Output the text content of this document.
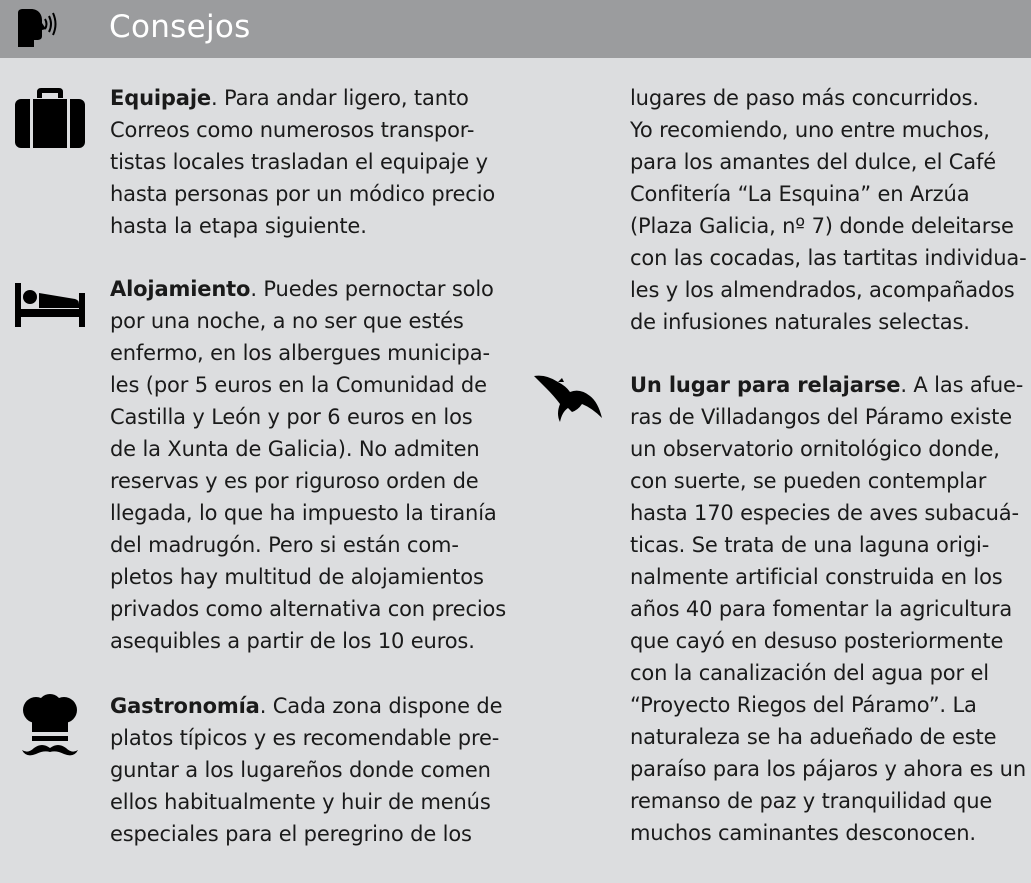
Consejos
Equipaje. Para andar ligero, tanto
Correos como numerosos transpor-
tistas locales trasladan el equipaje y
hasta personas por un módico precio
hasta la etapa siguiente.
Alojamiento. Puedes pernoctar solo
por una noche, a no ser que estés
enfermo, en los albergues municipa-
les (por 5 euros en la Comunidad de
Castilla y León y por 6 euros en los
de la Xunta de Galicia). No admiten
reservas y es por riguroso orden de
llegada, lo que ha impuesto la tiranía
del madrugón. Pero si están com-
pletos hay multitud de alojamientos
privados como alternativa con precios
asequibles a partir de los 10 euros.
Gastronomía. Cada zona dispone de
platos típicos y es recomendable pre-
guntar a los lugareños donde comen
ellos habitualmente y huir de menús
especiales para el peregrino de los
lugares de paso más concurridos.
Yo recomiendo, uno entre muchos,
para los amantes del dulce, el Café
Confitería “La Esquina” en Arzúa
(Plaza Galicia, nº 7) donde deleitarse
con las cocadas, las tartitas individua-
les y los almendrados, acompañados
de infusiones naturales selectas.
Un lugar para relajarse. A las afue-
ras de Villadangos del Páramo existe
un observatorio ornitológico donde,
con suerte, se pueden contemplar
hasta 170 especies de aves subacuá-
ticas. Se trata de una laguna origi-
nalmente artificial construida en los
años 40 para fomentar la agricultura
que cayó en desuso posteriormente
con la canalización del agua por el
“Proyecto Riegos del Páramo”. La
naturaleza se ha adueñado de este
paraíso para los pájaros y ahora es un
remanso de paz y tranquilidad que
muchos caminantes desconocen.
